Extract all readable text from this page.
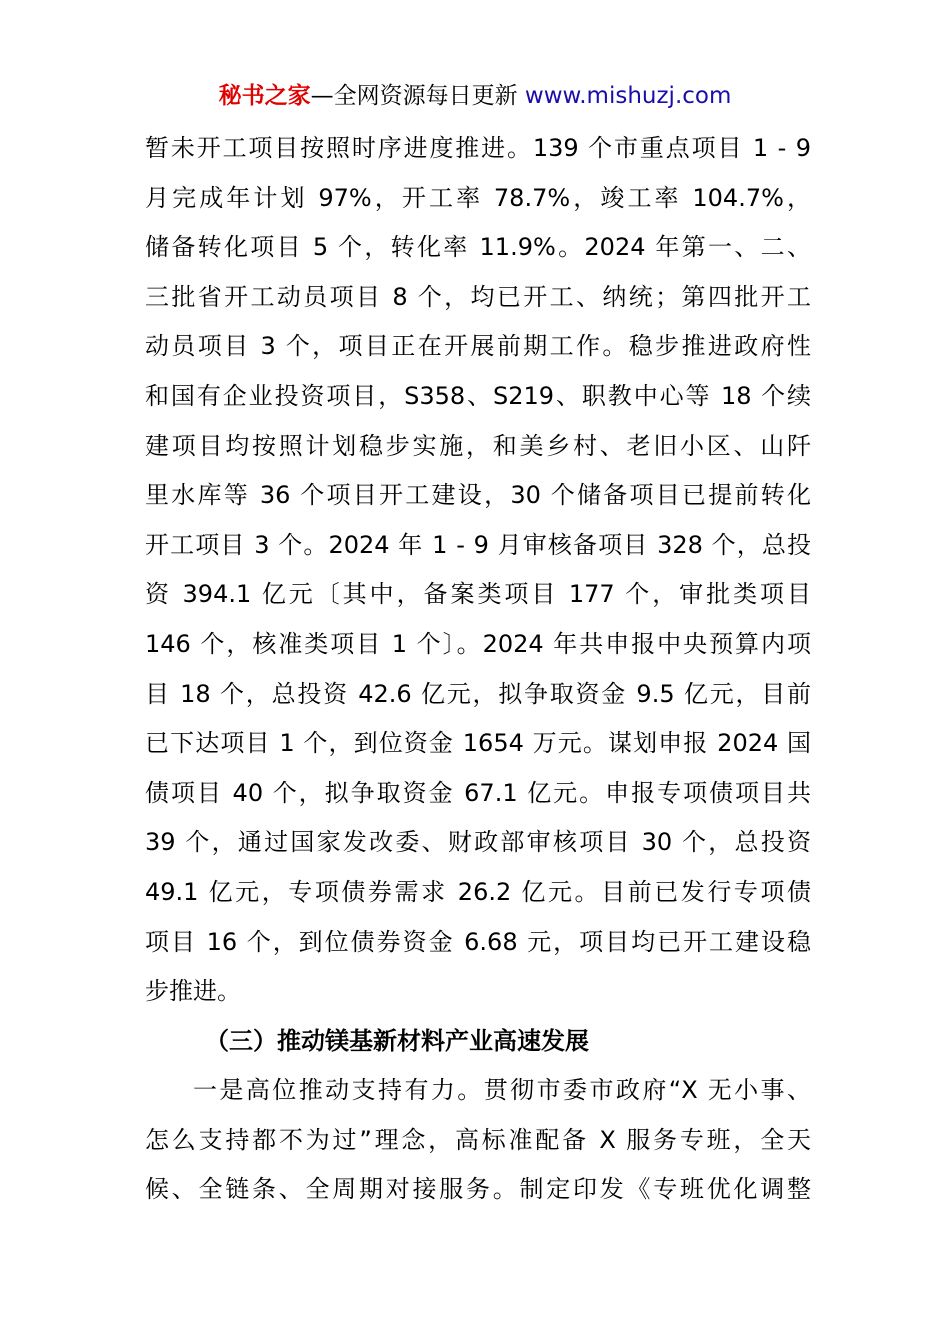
秘书之家—全网资源每日更新 www.mishuzj.com
暂未开工项目按照时序进度推进。139 个市重点项目 1 - 9
月完成年计划 97%，开工率 78.7%，竣工率 104.7%，
储备转化项目 5 个，转化率 11.9%。2024 年第一、二、
三批省开工动员项目 8 个，均已开工、纳统；第四批开工
动员项目 3 个，项目正在开展前期工作。稳步推进政府性
和国有企业投资项目，S358、S219、职教中心等 18 个续
建项目均按照计划稳步实施，和美乡村、老旧小区、山阡
里水库等 36 个项目开工建设，30 个储备项目已提前转化
开工项目 3 个。2024 年 1 - 9 月审核备项目 328 个，总投
资 394.1 亿元〔其中，备案类项目 177 个，审批类项目
146 个，核准类项目 1 个〕。2024 年共申报中央预算内项
目 18 个，总投资 42.6 亿元，拟争取资金 9.5 亿元，目前
已下达项目 1 个，到位资金 1654 万元。谋划申报 2024 国
债项目 40 个，拟争取资金 67.1 亿元。申报专项债项目共
39 个，通过国家发改委、财政部审核项目 30 个，总投资
49.1 亿元，专项债券需求 26.2 亿元。目前已发行专项债
项目 16 个，到位债券资金 6.68 元，项目均已开工建设稳
步推进。
（三）推动镁基新材料产业高速发展
一是高位推动支持有力。贯彻市委市政府“X 无小事、
怎么支持都不为过”理念，高标准配备 X 服务专班，全天
候、全链条、全周期对接服务。制定印发《专班优化调整
